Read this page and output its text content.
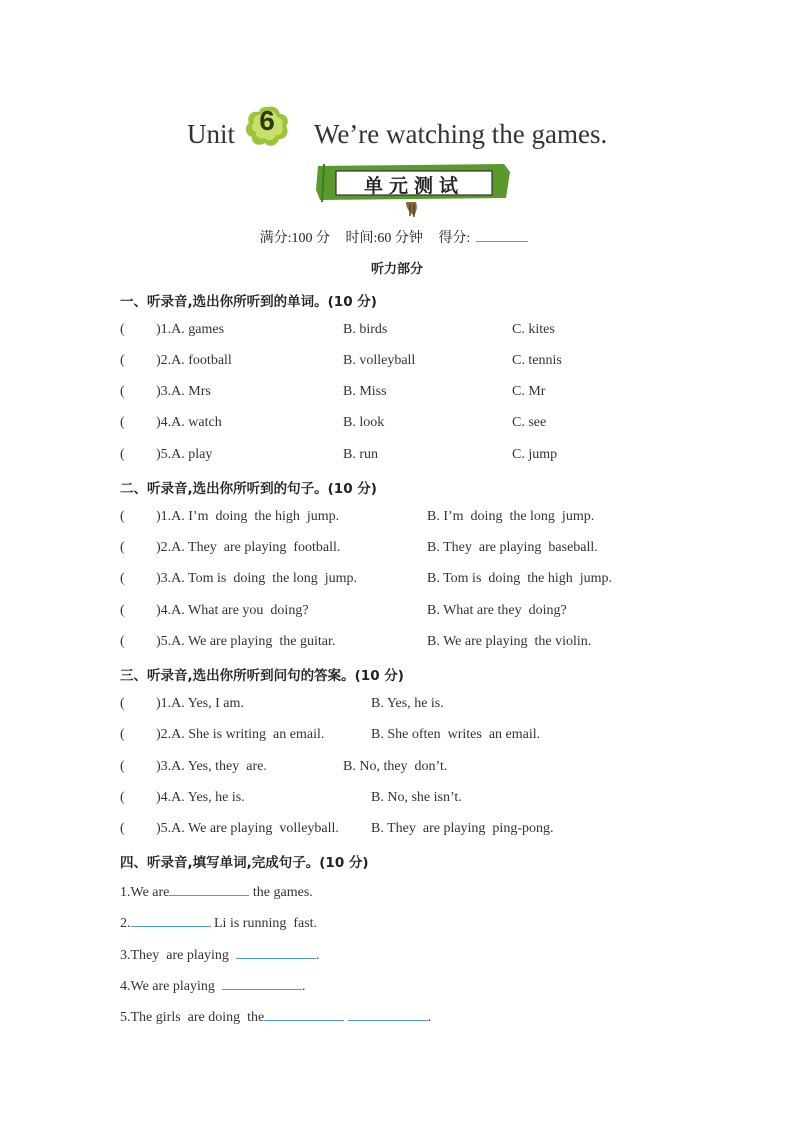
Unit 6	We’re watching the games.
单元测试
满分:100 分 时间:60 分钟 得分:
听力部分
一、听录音,选出你所听到的单词。(10 分)
( )1.A. games	B. birds	C. kites
( )2.A. football	B. volleyball	C. tennis
( )3.A. Mrs	B. Miss	C. Mr
( )4.A. watch	B. look	C. see
( )5.A. play	B. run	C. jump
二、听录音,选出你所听到的句子。(10 分)
( )1.A. I’m  doing  the high  jump.	B. I’m  doing  the long  jump.
( )2.A. They  are playing  football.	B. They  are playing  baseball.
( )3.A. Tom is  doing  the long  jump.	B. Tom is  doing  the high  jump.
( )4.A. What are you  doing?	B. What are they  doing?
( )5.A. We are playing  the guitar.	B. We are playing  the violin.
三、听录音,选出你所听到问句的答案。(10 分)
( )1.A. Yes, I am.	B. Yes, he is.
( )2.A. She is writing  an email.	B. She often  writes  an email.
( )3.A. Yes, they  are.	B. No, they  don’t.
( )4.A. Yes, he is.	B. No, she isn’t.
( )5.A. We are playing  volleyball. B. They  are playing  ping-pong.
四、听录音,填写单词,完成句子。(10 分)
1.We are	the games.
2.	Li is running  fast.
3.They  are playing	.
4.We are playing	.
5.The girls  are doing  the	.
